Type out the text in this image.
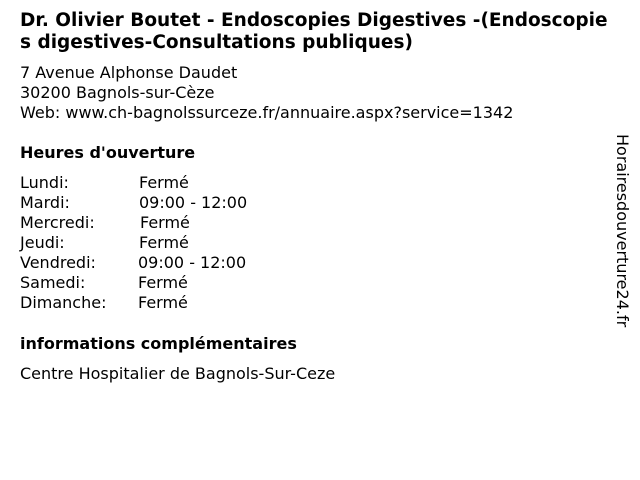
Dr. Olivier Boutet - Endoscopies Digestives -(Endoscopies digestives-Consultations publiques)
7 Avenue Alphonse Daudet
30200 Bagnols-sur-Cèze
Web: www.ch-bagnolssurceze.fr/annuaire.aspx?service=1342
Heures d'ouverture
Lundi:	Fermé
Mardi:	09:00 - 12:00
Mercredi:	Fermé
Jeudi:	Fermé
Vendredi:	09:00 - 12:00
Samedi:	Fermé
Dimanche:	Fermé
informations complémentaires
Centre Hospitalier de Bagnols-Sur-Ceze
Horairesdouverture24.fr
